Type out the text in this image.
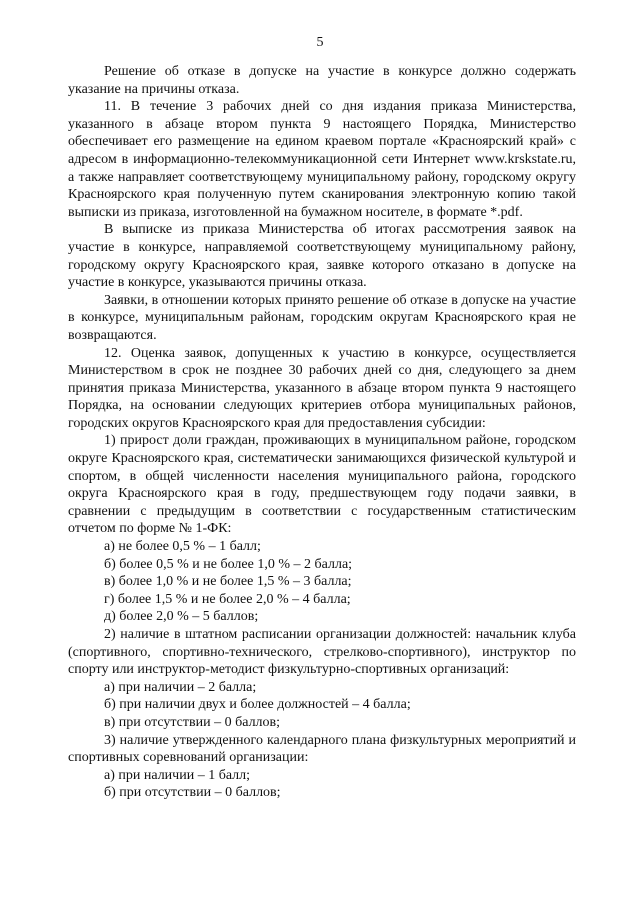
5

Решение об отказе в допуске на участие в конкурсе должно содержать указание на причины отказа.

11. В течение 3 рабочих дней со дня издания приказа Министерства, указанного в абзаце втором пункта 9 настоящего Порядка, Министерство обеспечивает его размещение на едином краевом портале «Красноярский край» с адресом в информационно-телекоммуникационной сети Интернет www.krskstate.ru, а также направляет соответствующему муниципальному району, городскому округу Красноярского края полученную путем сканирования электронную копию такой выписки из приказа, изготовленной на бумажном носителе, в формате *.pdf.

В выписке из приказа Министерства об итогах рассмотрения заявок на участие в конкурсе, направляемой соответствующему муниципальному району, городскому округу Красноярского края, заявке которого отказано в допуске на участие в конкурсе, указываются причины отказа.

Заявки, в отношении которых принято решение об отказе в допуске на участие в конкурсе, муниципальным районам, городским округам Красноярского края не возвращаются.

12. Оценка заявок, допущенных к участию в конкурсе, осуществляется Министерством в срок не позднее 30 рабочих дней со дня, следующего за днем принятия приказа Министерства, указанного в абзаце втором пункта 9 настоящего Порядка, на основании следующих критериев отбора муниципальных районов, городских округов Красноярского края для предоставления субсидии:

1) прирост доли граждан, проживающих в муниципальном районе, городском округе Красноярского края, систематически занимающихся физической культурой и спортом, в общей численности населения муниципального района, городского округа Красноярского края в году, предшествующем году подачи заявки, в сравнении с предыдущим в соответствии с государственным статистическим отчетом по форме № 1-ФК:

а) не более 0,5 % – 1 балл;

б) более 0,5 % и не более 1,0 % – 2 балла;

в) более 1,0 % и не более 1,5 % – 3 балла;

г) более 1,5 % и не более 2,0 % – 4 балла;

д) более 2,0 % – 5 баллов;

2) наличие в штатном расписании организации должностей: начальник клуба (спортивного, спортивно-технического, стрелково-спортивного), инструктор по спорту или инструктор-методист физкультурно-спортивных организаций:

а) при наличии – 2 балла;

б) при наличии двух и более должностей – 4 балла;

в) при отсутствии – 0 баллов;

3) наличие утвержденного календарного плана физкультурных мероприятий и спортивных соревнований организации:

а) при наличии – 1 балл;

б) при отсутствии – 0 баллов;
